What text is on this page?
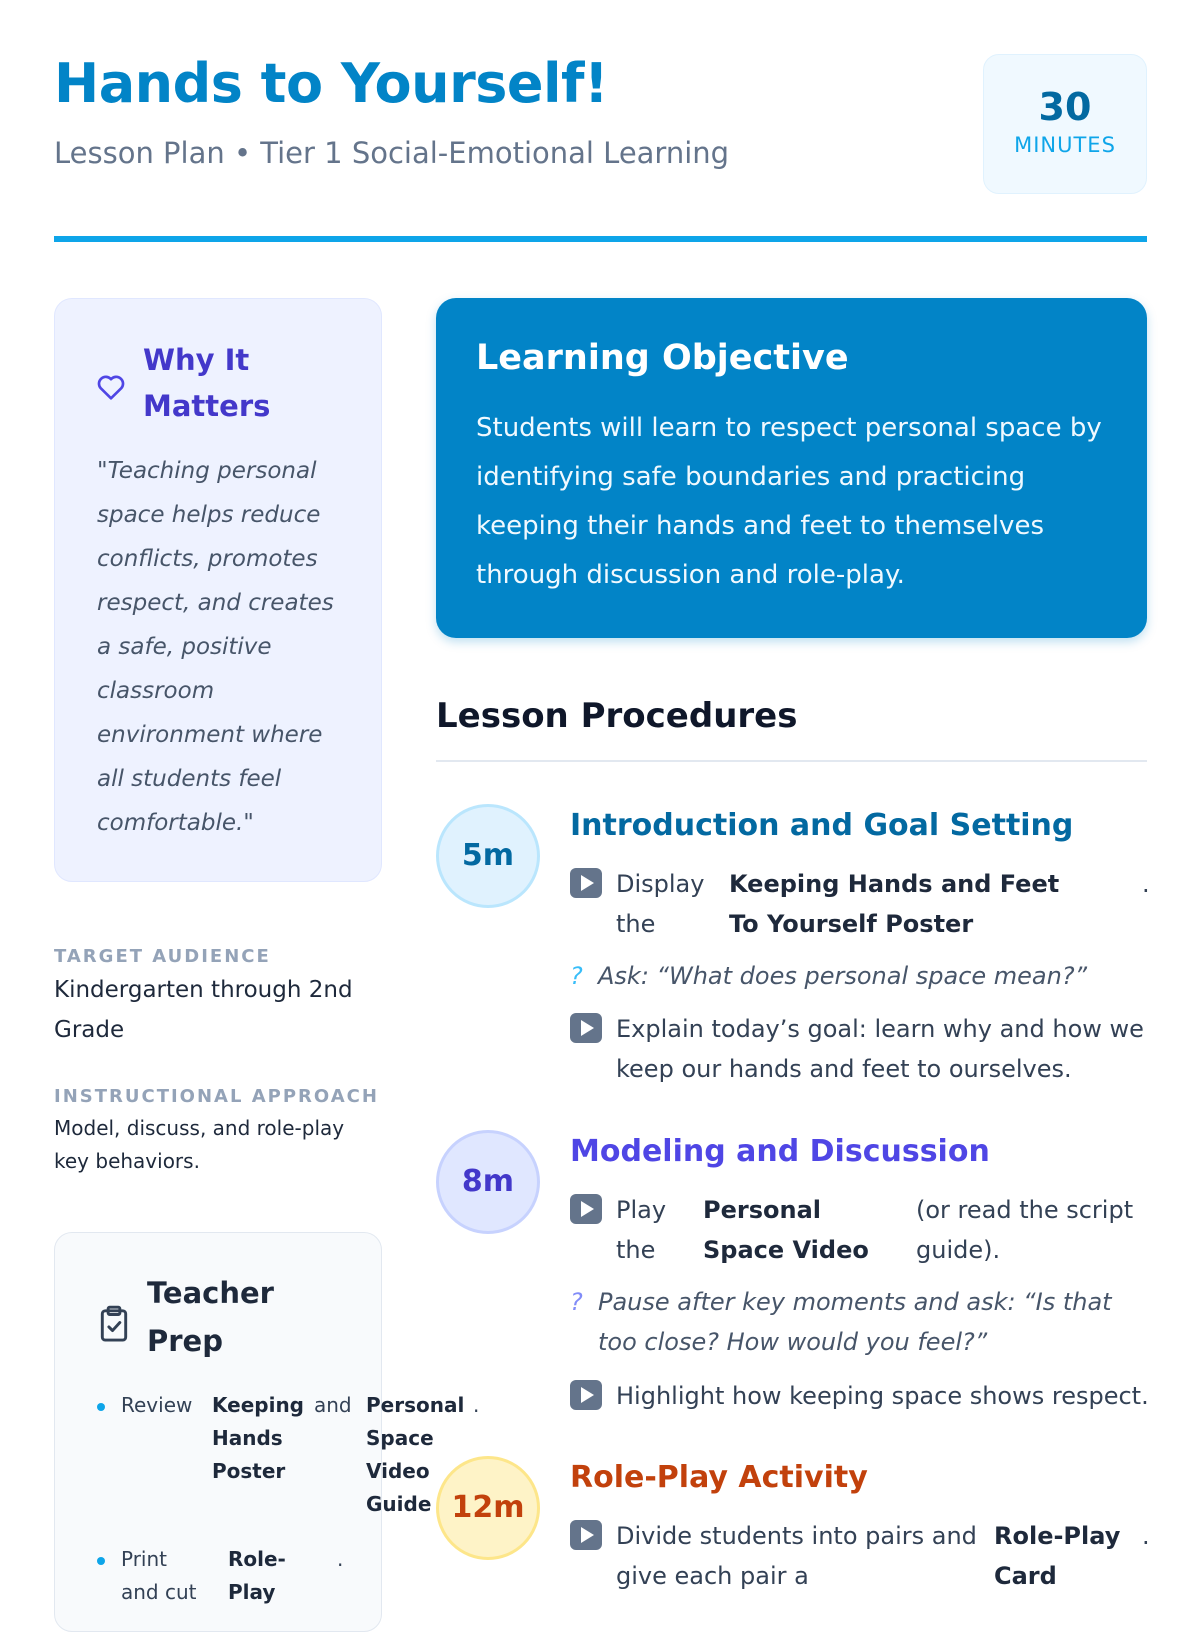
Hands to Yourself!
Lesson Plan • Tier 1 Social-Emotional Learning
30
MINUTES
Why It Matters
"Teaching personal space helps reduce conflicts, promotes respect, and creates a safe, positive classroom environment where all students feel comfortable."
TARGET AUDIENCE
Kindergarten through 2nd Grade
INSTRUCTIONAL APPROACH
Model, discuss, and role-play key behaviors.
Teacher Prep
Review Keeping Hands Poster
and Personal Space Video Guide
.
Print and cut
Role-Play
.
Learning Objective

Students will learn to respect personal space by identifying safe boundaries and practicing keeping their hands and feet to themselves through discussion and role-play.

Lesson Procedures
5m
Introduction and Goal Setting
Display the
Keeping Hands and Feet To Yourself Poster
.
? Ask: “What does personal space mean?”
Explain today’s goal: learn why and how we keep our hands and feet to ourselves.
8m
Modeling and Discussion
Play the
Personal Space Video
(or read the script guide).
? Pause after key moments and ask: “Is that too close? How would you feel?”
Highlight how keeping space shows respect.
12m
Role-Play Activity
Divide students into pairs and give each pair a
Role-Play Card
.
